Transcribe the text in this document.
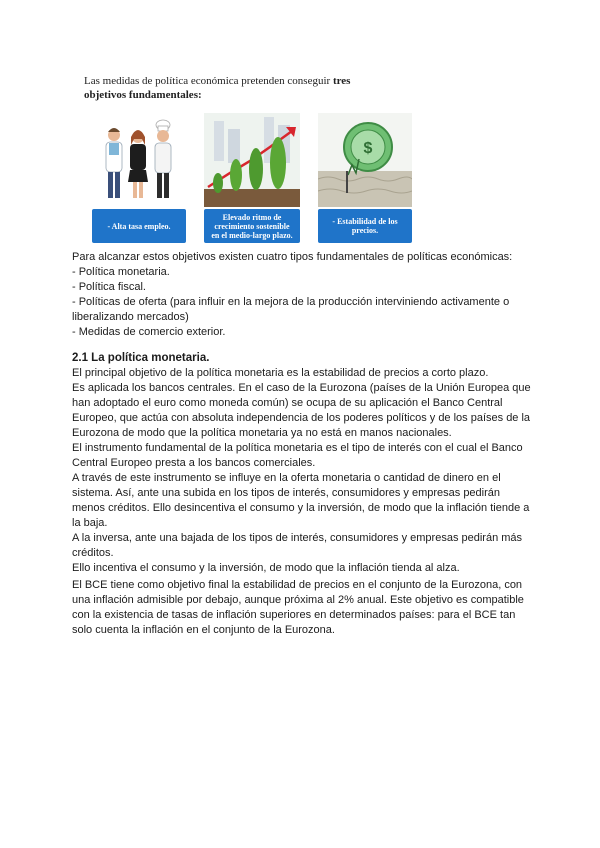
Las medidas de política económica pretenden conseguir tres objetivos fundamentales:
- Alta tasa empleo.
Elevado ritmo de crecimiento sostenible en el medio-largo plazo.
$
- Estabilidad de los precios.

Para alcanzar estos objetivos existen cuatro tipos fundamentales de políticas económicas:

- Política monetaria.

- Política fiscal.

- Políticas de oferta (para influir en la mejora de la producción interviniendo activamente o liberalizando mercados)

- Medidas de comercio exterior.

2.1 La política monetaria.

El principal objetivo de la política monetaria es la estabilidad de precios a corto plazo.

Es aplicada los bancos centrales. En el caso de la Eurozona (países de la Unión Europea que han adoptado el euro como moneda común) se ocupa de su aplicación el Banco Central Europeo, que actúa con absoluta independencia de los poderes políticos y de los países de la Eurozona de modo que la política monetaria ya no está en manos nacionales.

El instrumento fundamental de la política monetaria es el tipo de interés con el cual el Banco Central Europeo presta a los bancos comerciales.

A través de este instrumento se influye en la oferta monetaria o cantidad de dinero en el sistema. Así, ante una subida en los tipos de interés, consumidores y empresas pedirán menos créditos. Ello desincentiva el consumo y la inversión, de modo que la inflación tiende a la baja.

A la inversa, ante una bajada de los tipos de interés, consumidores y empresas pedirán más créditos.

Ello incentiva el consumo y la inversión, de modo que la inflación tienda al alza.

El BCE tiene como objetivo final la estabilidad de precios en el conjunto de la Eurozona, con una inflación admisible por debajo, aunque próxima al 2% anual. Este objetivo es compatible con la existencia de tasas de inflación superiores en determinados países: para el BCE tan solo cuenta la inflación en el conjunto de la Eurozona.
